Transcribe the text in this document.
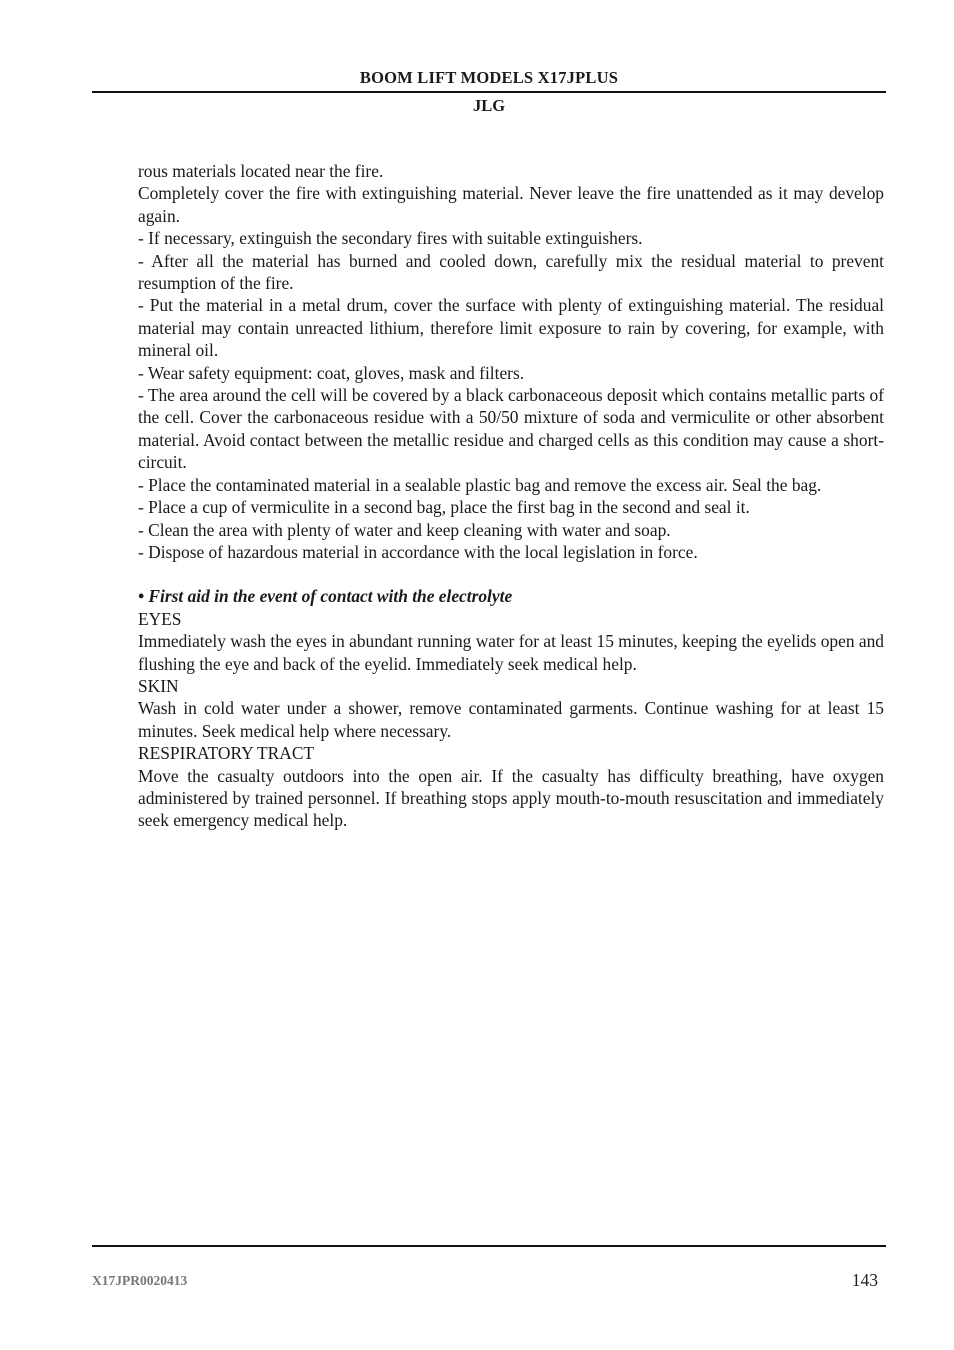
BOOM LIFT MODELS X17JPLUS
JLG

rous materials located near the fire.

Completely cover the fire with extinguishing material. Never leave the fire unattended as it may develop again.

- If necessary, extinguish the secondary fires with suitable extinguishers.

- After all the material has burned and cooled down, carefully mix the residual material to prevent resumption of the fire.

- Put the material in a metal drum, cover the surface with plenty of extinguishing material. The residual material may contain unreacted lithium, therefore limit exposure to rain by covering, for example, with mineral oil.

- Wear safety equipment: coat, gloves, mask and filters.

- The area around the cell will be covered by a black carbonaceous deposit which contains metallic parts of the cell. Cover the carbonaceous residue with a 50/50 mixture of soda and vermiculite or other absorbent material. Avoid contact between the metallic residue and charged cells as this condition may cause a short-circuit.

- Place the contaminated material in a sealable plastic bag and remove the excess air. Seal the bag.

- Place a cup of vermiculite in a second bag, place the first bag in the second and seal it.

- Clean the area with plenty of water and keep cleaning with water and soap.

- Dispose of hazardous material in accordance with the local legislation in force.

• First aid in the event of contact with the electrolyte

EYES

Immediately wash the eyes in abundant running water for at least 15 minutes, keeping the eyelids open and flushing the eye and back of the eyelid. Immediately seek medical help.

SKIN

Wash in cold water under a shower, remove contaminated garments. Continue washing for at least 15 minutes. Seek medical help where necessary.

RESPIRATORY TRACT

Move the casualty outdoors into the open air. If the casualty has difficulty breathing, have oxygen administered by trained personnel. If breathing stops apply mouth-to-mouth resuscitation and immediately seek emergency medical help.

X17JPR0020413	143
